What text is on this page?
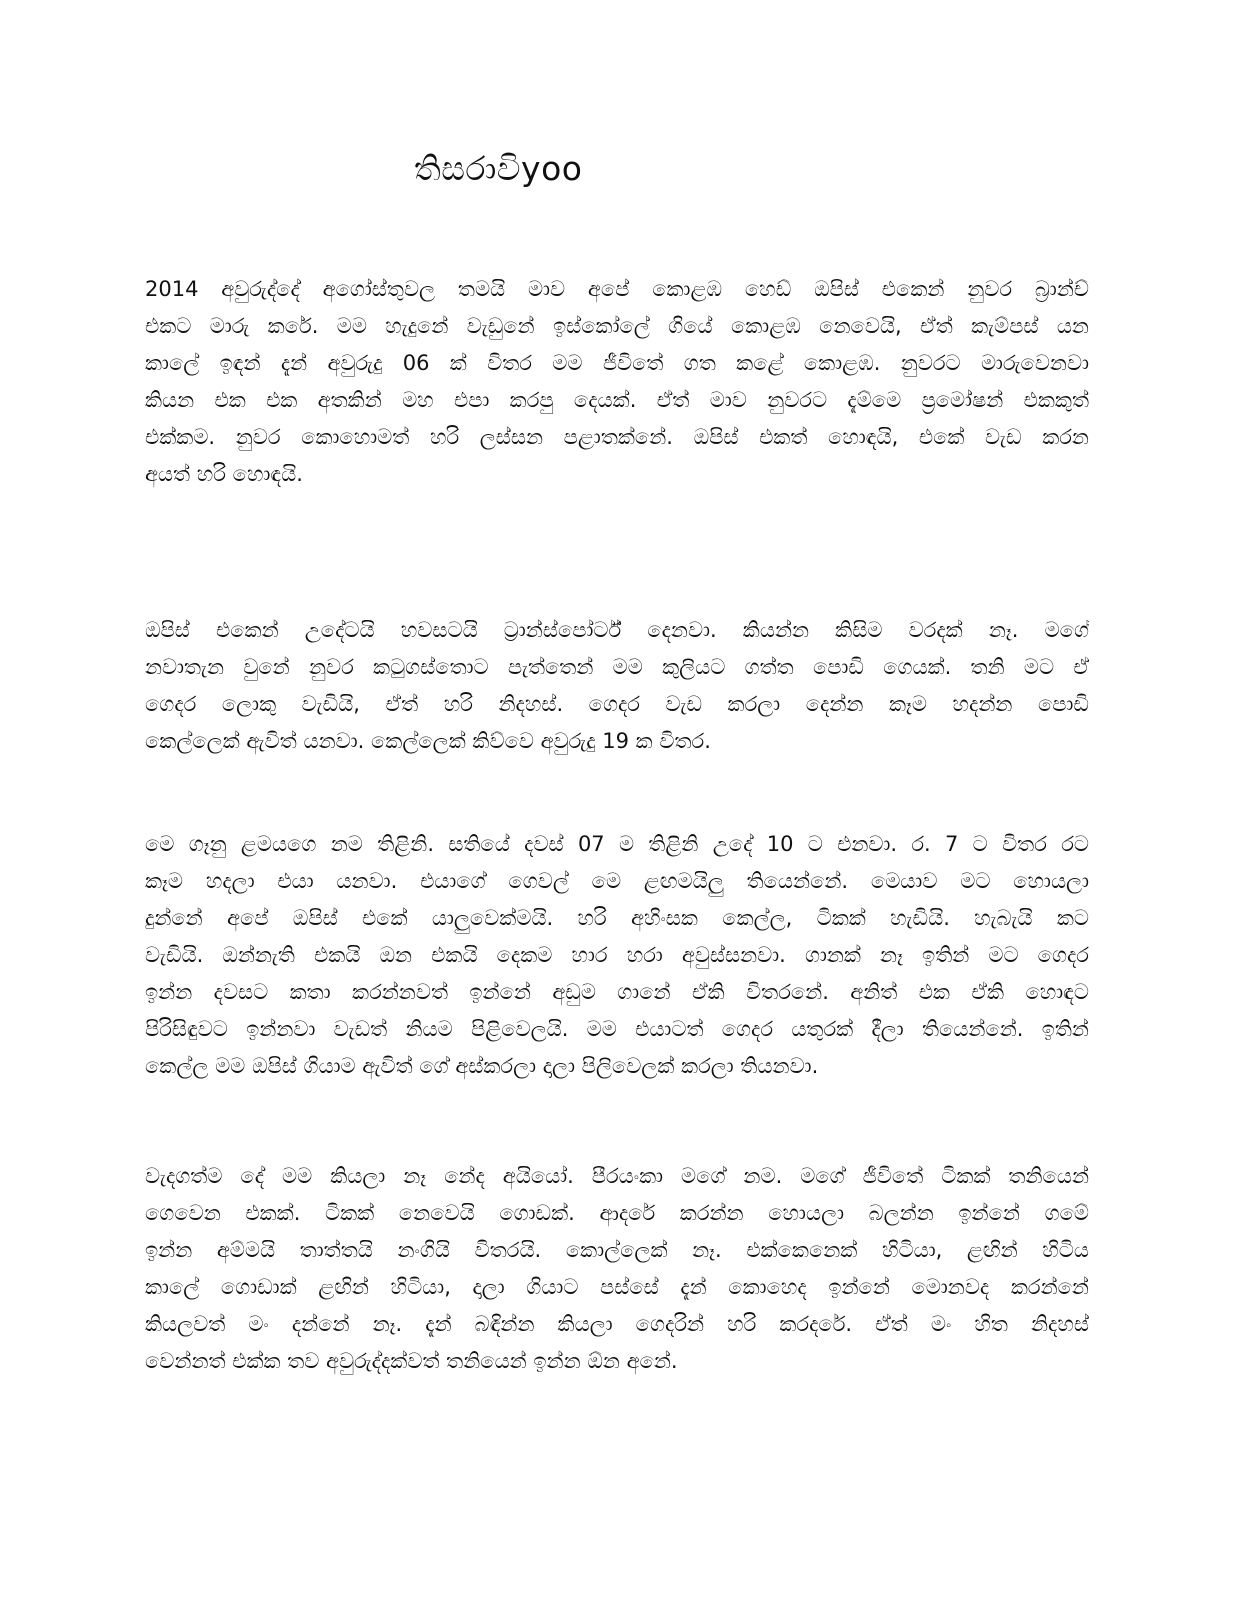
තිසරාවිyoo
2014 අවුරුද්දේ අගෝස්තුවල තමයි මාව අපේ කොළඹ හෙඩ් ඔපිස් එකෙන් නුවර බ්‍රාන්ච්
එකට මාරු කරේ. මම හැදුනේ වැඩුනේ ඉස්කෝලේ ගියේ කොළඹ නෙවෙයි, ඒත් කැම්පස් යන
කාලේ ඉඳන් දැන් අවුරුදු 06 ක් විතර මම ජීවිතේ ගත කළේ කොළඹ. නුවරට මාරුවෙනවා
කියන එක එක අතකින් මහ එපා කරපු දෙයක්. ඒත් මාව නුවරට දැම්මෙ ප්‍රමෝෂන් එකකුත්
එක්කම. නුවර කොහොමත් හරි ලස්සන පළාතක්නේ. ඔපිස් එකත් හොඳයි, එකේ වැඩ කරන
අයත් හරි හොඳයි.
ඔපිස් එකෙන් උදේටයි හවසටයි ට්‍රාන්ස්පෝර්ට් දෙනවා. කියන්න කිසිම වරදක් නෑ. මගේ
නවාතැන වුනේ නුවර කටුගස්තොට පැත්තෙන් මම කුලියට ගත්ත පොඩි ගෙයක්. තනි මට ඒ
ගෙදර ලොකු වැඩියි, ඒත් හරි නිදහස්. ගෙදර වැඩ කරලා දෙන්න කෑම හදන්න පොඩි
කෙල්ලෙක් ඇවිත් යනවා. කෙල්ලෙක් කිව්වෙ අවුරුදු 19 ක විතර.
මෙ ගෑනු ළමයගෙ නම තිළිනි. සතියේ දවස් 07 ම තිළිනි උදේ 10 ට එනවා. ර. 7 ට විතර රට
කෑම හදලා එයා යනවා. එයාගේ ගෙවල් මෙ ළඟමයිලු තියෙන්නේ. මෙයාව මට හොයලා
දුන්නේ අපේ ඔපිස් එකේ යාලුවෙක්මයි. හරි අහිංසක කෙල්ල, ටිකක් හැඩියි. හැබැයි කට
වැඩියි. ඔන්නැති එකයි ඔන එකයි දෙකම හාර හරා අවුස්සනවා. ගානක් නෑ ඉතින් මට ගෙදර
ඉන්න දවසට කතා කරන්නවත් ඉන්නේ අඩුම ගානේ ඒකි විතරනේ. අනිත් එක ඒකි හොඳට
පිරිසිඳුවට ඉන්නවා වැඩත් නියම පිළිවෙලයි. මම එයාටත් ගෙදර යතුරක් දීලා තියෙන්නේ. ඉතින්
කෙල්ල මම ඔපිස් ගියාම ඇවිත් ගේ අස්කරලා දාලා පිලිවෙලක් කරලා තියනවා.
වැදගත්ම දේ මම කියලා නෑ නේද අයියෝ. පීරයංකා මගේ නම. මගේ ජීවිතේ ටිකක් තනියෙන්
ගෙවෙන එකක්. ටිකක් නෙවෙයි ගොඩක්. ආදරේ කරන්න හොයලා බලන්න ඉන්නේ ගමේ
ඉන්න අම්මයි තාත්තයි නංගියි විතරයි. කොල්ලෙක් නෑ. එක්කෙනෙක් හිටියා, ළඟින් හිටිය
කාලේ ගොඩාක් ළඟින් හිටියා, දාලා ගියාට පස්සේ දැන් කොහෙද ඉන්නේ මොනවද කරන්නේ
කියලවත් මං දන්නේ නෑ. දැන් බඳින්න කියලා ගෙදරින් හරි කරදරේ. ඒත් මං හිත නිදහස්
වෙන්නත් එක්ක තව අවුරුද්දක්වත් තනියෙන් ඉන්න ඕන අනේ.
